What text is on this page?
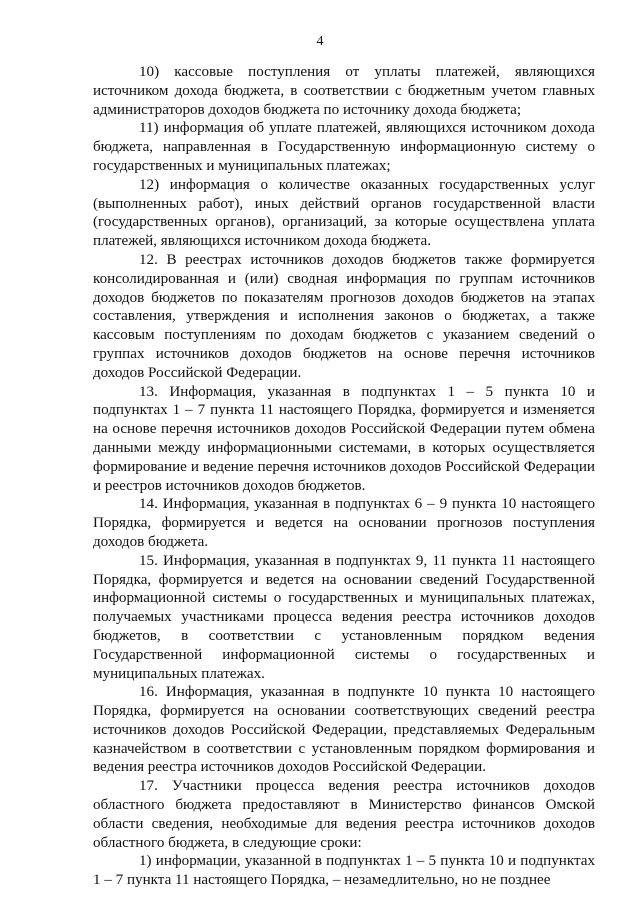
4

10) кассовые поступления от уплаты платежей, являющихся источником дохода бюджета, в соответствии с бюджетным учетом главных администраторов доходов бюджета по источнику дохода бюджета;

11) информация об уплате платежей, являющихся источником дохода бюджета, направленная в Государственную информационную систему о государственных и муниципальных платежах;

12) информация о количестве оказанных государственных услуг (выполненных работ), иных действий органов государственной власти (государственных органов), организаций, за которые осуществлена уплата платежей, являющихся источником дохода бюджета.

12. В реестрах источников доходов бюджетов также формируется консолидированная и (или) сводная информация по группам источников доходов бюджетов по показателям прогнозов доходов бюджетов на этапах составления, утверждения и исполнения законов о бюджетах, а также кассовым поступлениям по доходам бюджетов с указанием сведений о группах источников доходов бюджетов на основе перечня источников доходов Российской Федерации.

13. Информация, указанная в подпунктах 1 – 5 пункта 10 и подпунктах 1 – 7 пункта 11 настоящего Порядка, формируется и изменяется на основе перечня источников доходов Российской Федерации путем обмена данными между информационными системами, в которых осуществляется формирование и ведение перечня источников доходов Российской Федерации и реестров источников доходов бюджетов.

14. Информация, указанная в подпунктах 6 – 9 пункта 10 настоящего Порядка, формируется и ведется на основании прогнозов поступления доходов бюджета.

15. Информация, указанная в подпунктах 9, 11 пункта 11 настоящего Порядка, формируется и ведется на основании сведений Государственной информационной системы о государственных и муниципальных платежах, получаемых участниками процесса ведения реестра источников доходов бюджетов, в соответствии с установленным порядком ведения Государственной информационной системы о государственных и муниципальных платежах.

16. Информация, указанная в подпункте 10 пункта 10 настоящего Порядка, формируется на основании соответствующих сведений реестра источников доходов Российской Федерации, представляемых Федеральным казначейством в соответствии с установленным порядком формирования и ведения реестра источников доходов Российской Федерации.

17. Участники процесса ведения реестра источников доходов областного бюджета предоставляют в Министерство финансов Омской области сведения, необходимые для ведения реестра источников доходов областного бюджета, в следующие сроки:

1) информации, указанной в подпунктах 1 – 5 пункта 10 и подпунктах 1 – 7 пункта 11 настоящего Порядка, – незамедлительно, но не позднее
